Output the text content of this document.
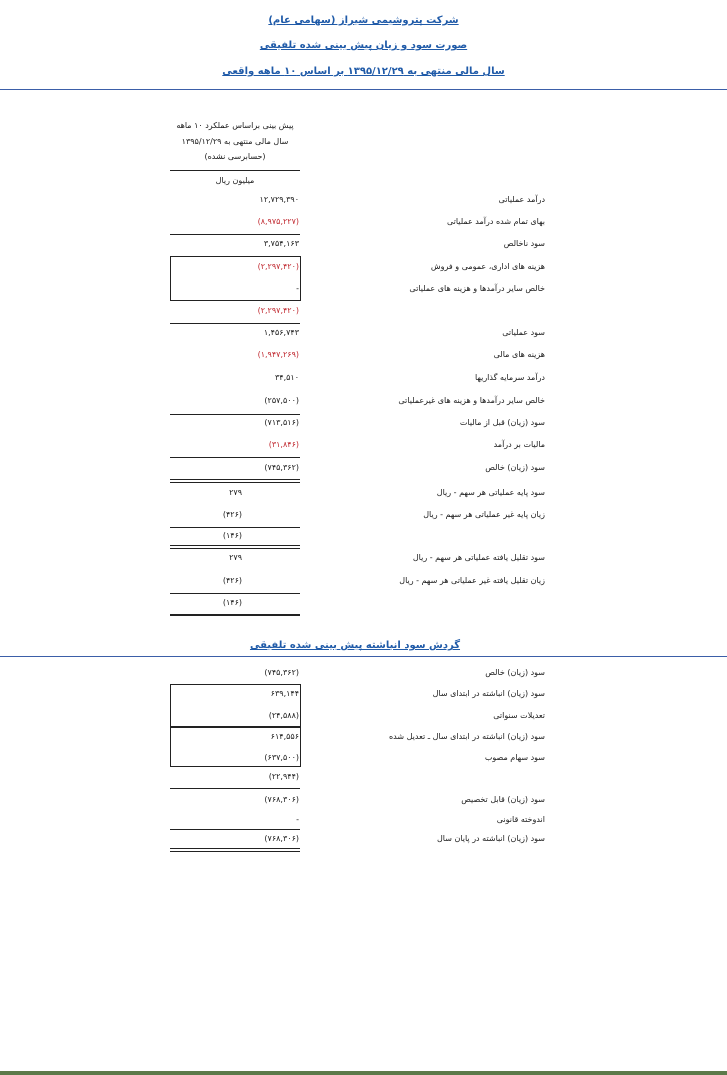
شرکت پتروشیمی شیراز (سهامی عام)
صورت سود و زیان پیش بینی شده تلفیقی
سال مالی منتهی به ۱۳۹۵/۱۲/۲۹ بر اساس ۱۰ ماهه واقعی
پیش بینی براساس عملکرد ۱۰ ماهه
سال مالی منتهی به ۱۳۹۵/۱۲/۲۹
(حسابرسی نشده)
میلیون ریال
درآمد عملیاتی
۱۲,۷۲۹,۳۹۰
بهای تمام شده درآمد عملیاتی
(۸,۹۷۵,۲۲۷)
سود ناخالص
۳,۷۵۴,۱۶۳
هزینه های اداری، عمومی و فروش
(۲,۲۹۷,۴۲۰)
خالص سایر درآمدها و هزینه های عملیاتی
-
(۲,۲۹۷,۴۲۰)
سود عملیاتی
۱,۴۵۶,۷۴۳
هزینه های مالی
(۱,۹۴۷,۲۶۹)
درآمد سرمایه گذاریها
۳۴,۵۱۰
خالص سایر درآمدها و هزینه های غیرعملیاتی
(۲۵۷,۵۰۰)
سود (زیان) قبل از مالیات
(۷۱۳,۵۱۶)
مالیات بر درآمد
(۳۱,۸۴۶)
سود (زیان) خالص
(۷۴۵,۳۶۲)
سود پایه عملیاتی هر سهم - ریال
۲۷۹
زیان پایه غیر عملیاتی هر سهم - ریال
(۴۲۶)
(۱۴۶)
سود تقلیل یافته عملیاتی هر سهم - ریال
۲۷۹
زیان تقلیل یافته غیر عملیاتی هر سهم - ریال
(۴۲۶)
(۱۴۶)
گردش سود انباشته پیش بینی شده تلفیقی
سود (زیان) خالص
(۷۴۵,۳۶۲)
سود (زیان) انباشته در ابتدای سال
۶۳۹,۱۴۴
تعدیلات سنواتی
(۲۴,۵۸۸)
سود (زیان) انباشته در ابتدای سال ـ تعدیل شده
۶۱۴,۵۵۶
سود سهام مصوب
(۶۳۷,۵۰۰)
(۲۲,۹۴۴)
سود (زیان) قابل تخصیص
(۷۶۸,۳۰۶)
اندوخته قانونی
-
سود (زیان) انباشته در پایان سال
(۷۶۸,۳۰۶)
